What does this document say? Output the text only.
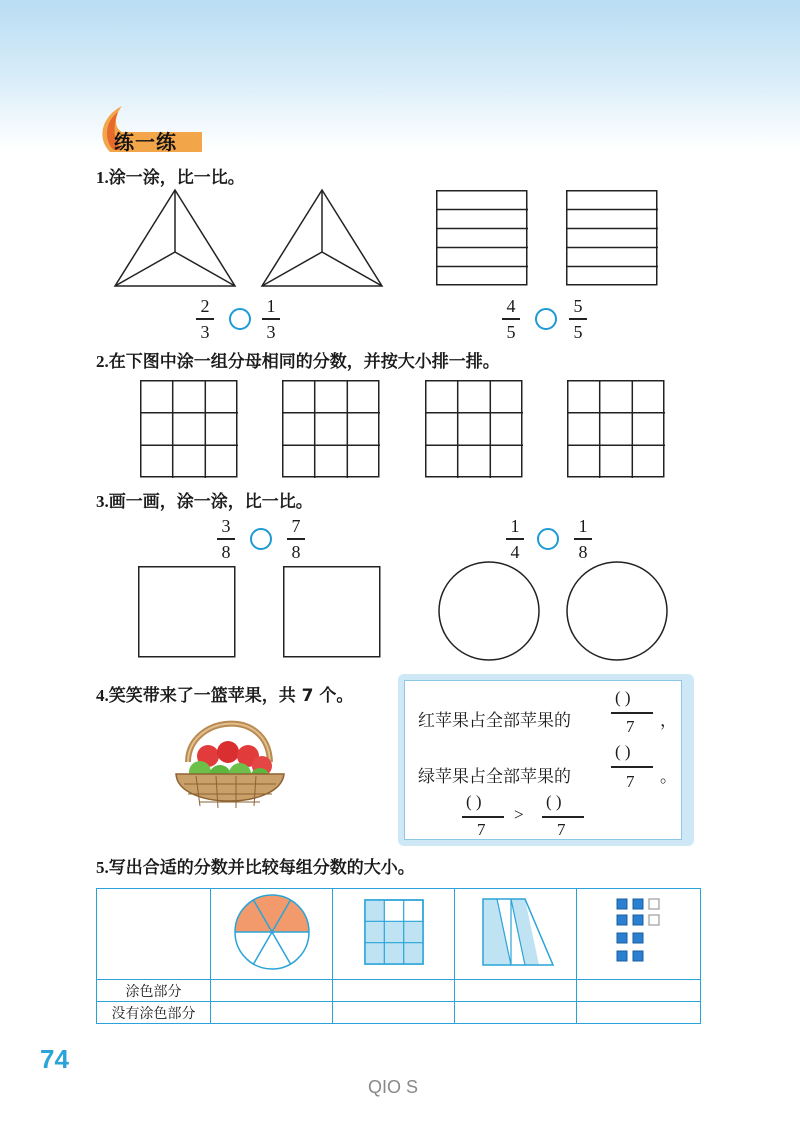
练一练
1.涂一涂，比一比。
2
3
1
3
4
5
5
5
2.在下图中涂一组分母相同的分数，并按大小排一排。
3.画一画，涂一涂，比一比。
3
8
7
8
1
4
1
8
4.笑笑带来了一篮苹果，共 7 个。
红苹果占全部苹果的
( )
7 ，
绿苹果占全部苹果的
( )
7 。
( )
7
>
( )
7
5.写出合适的分数并比较每组分数的大小。

涂色部分				
没有涂色部分				
74
QIO S
